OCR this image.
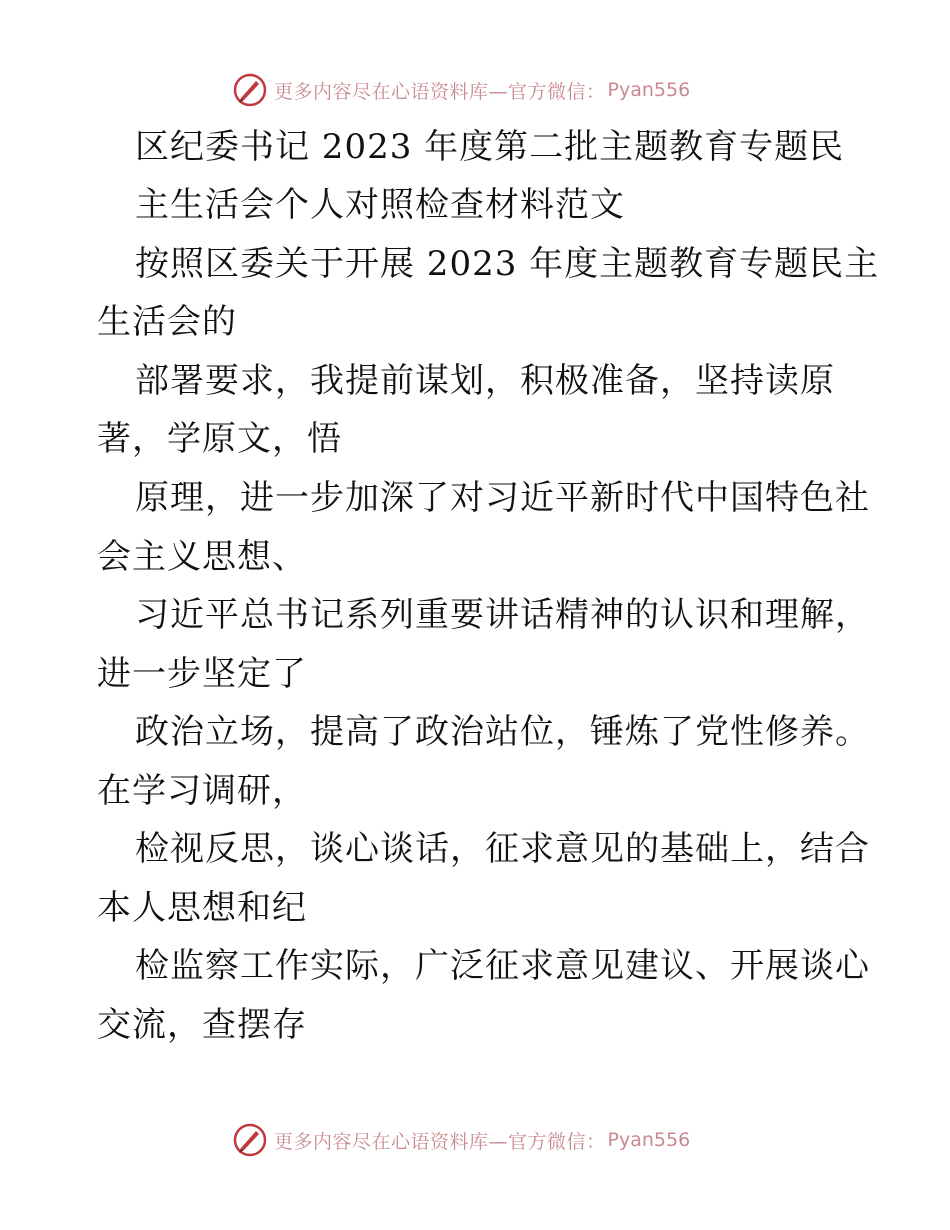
更多内容尽在心语资料库—官方微信： Pyan556
区纪委书记 2023 年度第二批主题教育专题民
主生活会个人对照检查材料范文
按照区委关于开展 2023 年度主题教育专题民主
生活会的
部署要求，我提前谋划，积极准备，坚持读原
著，学原文，悟
原理，进一步加深了对习近平新时代中国特色社
会主义思想、
习近平总书记系列重要讲话精神的认识和理解，
进一步坚定了
政治立场，提高了政治站位，锤炼了党性修养。
在学习调研，
检视反思，谈心谈话，征求意见的基础上，结合
本人思想和纪
检监察工作实际，广泛征求意见建议、开展谈心
交流，查摆存
更多内容尽在心语资料库—官方微信： Pyan556
